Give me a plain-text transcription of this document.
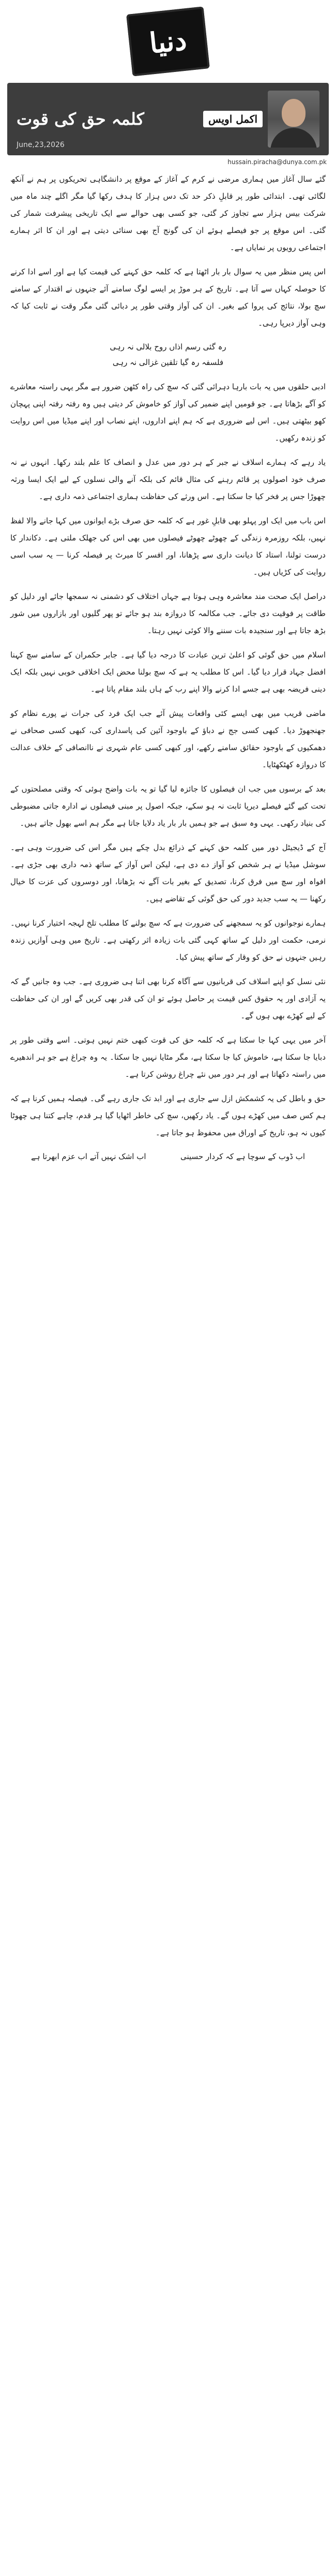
دنیا
کلمہ حق کی قوت
June,23,2026
اکمل اویس
hussain.piracha@dunya.com.pk

گئے سال آغاز میں ہماری مرضی نے کرم کے آغاز کے موقع پر دانشگاہی تحریکوں پر ہم نے آنکھ لگائی تھی۔ ابتدائی طور پر قابلِ ذکر حد تک دس ہزار کا ہدف رکھا گیا مگر اگلے چند ماہ میں شرکت بیس ہزار سے تجاوز کر گئی، جو کسی بھی حوالے سے ایک تاریخی پیشرفت شمار کی گئی۔ اس موقع پر جو فیصلے ہوئے ان کی گونج آج بھی سنائی دیتی ہے اور ان کا اثر ہمارے اجتماعی رویوں پر نمایاں ہے۔

اس پس منظر میں یہ سوال بار بار اٹھتا ہے کہ کلمہ حق کہنے کی قیمت کیا ہے اور اسے ادا کرنے کا حوصلہ کہاں سے آتا ہے۔ تاریخ کے ہر موڑ پر ایسے لوگ سامنے آئے جنہوں نے اقتدار کے سامنے سچ بولا، نتائج کی پروا کیے بغیر۔ ان کی آواز وقتی طور پر دبائی گئی مگر وقت نے ثابت کیا کہ وہی آواز دیرپا رہی۔

رہ گئی رسم اذاں روح بلالی نہ رہی
فلسفہ رہ گیا تلقین غزالی نہ رہی

ادبی حلقوں میں یہ بات بارہا دہرائی گئی کہ سچ کی راہ کٹھن ضرور ہے مگر یہی راستہ معاشرے کو آگے بڑھاتا ہے۔ جو قومیں اپنے ضمیر کی آواز کو خاموش کر دیتی ہیں وہ رفتہ رفتہ اپنی پہچان کھو بیٹھتی ہیں۔ اس لیے ضروری ہے کہ ہم اپنے اداروں، اپنے نصاب اور اپنے میڈیا میں اس روایت کو زندہ رکھیں۔

یاد رہے کہ ہمارے اسلاف نے جبر کے ہر دور میں عدل و انصاف کا علم بلند رکھا۔ انہوں نے نہ صرف خود اصولوں پر قائم رہنے کی مثال قائم کی بلکہ آنے والی نسلوں کے لیے ایک ایسا ورثہ چھوڑا جس پر فخر کیا جا سکتا ہے۔ اس ورثے کی حفاظت ہماری اجتماعی ذمہ داری ہے۔

اس باب میں ایک اور پہلو بھی قابلِ غور ہے کہ کلمہ حق صرف بڑے ایوانوں میں کہا جانے والا لفظ نہیں، بلکہ روزمرہ زندگی کے چھوٹے چھوٹے فیصلوں میں بھی اس کی جھلک ملتی ہے۔ دکاندار کا درست تولنا، استاد کا دیانت داری سے پڑھانا، اور افسر کا میرٹ پر فیصلہ کرنا — یہ سب اسی روایت کی کڑیاں ہیں۔

دراصل ایک صحت مند معاشرہ وہی ہوتا ہے جہاں اختلاف کو دشمنی نہ سمجھا جائے اور دلیل کو طاقت پر فوقیت دی جائے۔ جب مکالمہ کا دروازہ بند ہو جائے تو پھر گلیوں اور بازاروں میں شور بڑھ جاتا ہے اور سنجیدہ بات سننے والا کوئی نہیں رہتا۔

اسلام میں حق گوئی کو اعلیٰ ترین عبادت کا درجہ دیا گیا ہے۔ جابر حکمران کے سامنے سچ کہنا افضل جہاد قرار دیا گیا۔ اس کا مطلب یہ ہے کہ سچ بولنا محض ایک اخلاقی خوبی نہیں بلکہ ایک دینی فریضہ بھی ہے جسے ادا کرنے والا اپنے رب کے ہاں بلند مقام پاتا ہے۔

ماضی قریب میں بھی ایسے کئی واقعات پیش آئے جب ایک فرد کی جرات نے پورے نظام کو جھنجھوڑ دیا۔ کبھی کسی جج نے دباؤ کے باوجود آئین کی پاسداری کی، کبھی کسی صحافی نے دھمکیوں کے باوجود حقائق سامنے رکھے، اور کبھی کسی عام شہری نے ناانصافی کے خلاف عدالت کا دروازہ کھٹکھٹایا۔

بعد کے برسوں میں جب ان فیصلوں کا جائزہ لیا گیا تو یہ بات واضح ہوئی کہ وقتی مصلحتوں کے تحت کیے گئے فیصلے دیرپا ثابت نہ ہو سکے، جبکہ اصول پر مبنی فیصلوں نے ادارہ جاتی مضبوطی کی بنیاد رکھی۔ یہی وہ سبق ہے جو ہمیں بار بار یاد دلایا جاتا ہے مگر ہم اسے بھول جاتے ہیں۔

آج کے ڈیجیٹل دور میں کلمہ حق کہنے کے ذرائع بدل چکے ہیں مگر اس کی ضرورت وہی ہے۔ سوشل میڈیا نے ہر شخص کو آواز دے دی ہے، لیکن اس آواز کے ساتھ ذمہ داری بھی جڑی ہے۔ افواہ اور سچ میں فرق کرنا، تصدیق کے بغیر بات آگے نہ بڑھانا، اور دوسروں کی عزت کا خیال رکھنا — یہ سب جدید دور کی حق گوئی کے تقاضے ہیں۔

ہمارے نوجوانوں کو یہ سمجھنے کی ضرورت ہے کہ سچ بولنے کا مطلب تلخ لہجہ اختیار کرنا نہیں۔ نرمی، حکمت اور دلیل کے ساتھ کہی گئی بات زیادہ اثر رکھتی ہے۔ تاریخ میں وہی آوازیں زندہ رہیں جنہوں نے حق کو وقار کے ساتھ پیش کیا۔

نئی نسل کو اپنے اسلاف کی قربانیوں سے آگاہ کرنا بھی اتنا ہی ضروری ہے۔ جب وہ جانیں گے کہ یہ آزادی اور یہ حقوق کس قیمت پر حاصل ہوئے تو ان کی قدر بھی کریں گے اور ان کی حفاظت کے لیے کھڑے بھی ہوں گے۔

آخر میں یہی کہا جا سکتا ہے کہ کلمہ حق کی قوت کبھی ختم نہیں ہوتی۔ اسے وقتی طور پر دبایا جا سکتا ہے، خاموش کیا جا سکتا ہے، مگر مٹایا نہیں جا سکتا۔ یہ وہ چراغ ہے جو ہر اندھیرے میں راستہ دکھاتا ہے اور ہر دور میں نئے چراغ روشن کرتا ہے۔

حق و باطل کی یہ کشمکش ازل سے جاری ہے اور ابد تک جاری رہے گی۔ فیصلہ ہمیں کرنا ہے کہ ہم کس صف میں کھڑے ہوں گے۔ یاد رکھیں، سچ کی خاطر اٹھایا گیا ہر قدم، چاہے کتنا ہی چھوٹا کیوں نہ ہو، تاریخ کے اوراق میں محفوظ ہو جاتا ہے۔

اب ڈوب کے سوچا ہے کہ کردار حسینی
اب اشک نہیں آتے اب عزم ابھرتا ہے
